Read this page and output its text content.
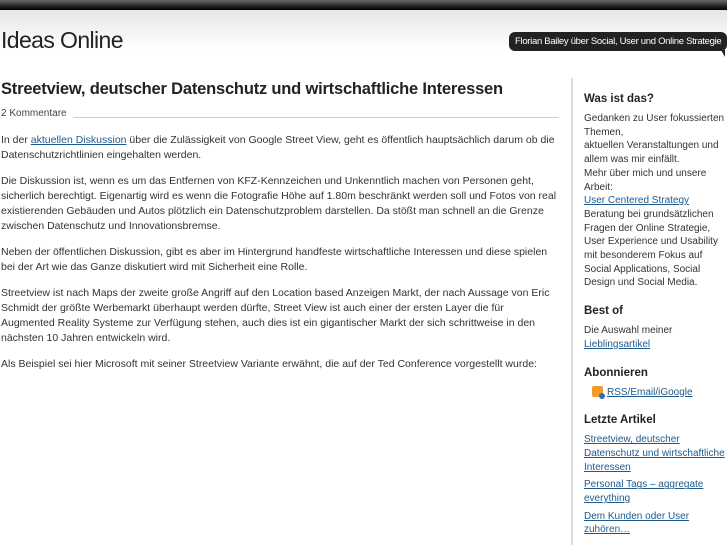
Ideas Online	Florian Bailey über Social, User und Online Strategie
Streetview, deutscher Datenschutz und wirtschaftliche Interessen
2 Kommentare

In der aktuellen Diskussion über die Zulässigkeit von Google Street View, geht es öffentlich hauptsächlich darum ob die Datenschutzrichtlinien eingehalten werden.

Die Diskussion ist, wenn es um das Entfernen von KFZ-Kennzeichen und Unkenntlich machen von Personen geht, sicherlich berechtigt. Eigenartig wird es wenn die Fotografie Höhe auf 1.80m beschränkt werden soll und Fotos von real existierenden Gebäuden und Autos plötzlich ein Datenschutzproblem darstellen. Da stößt man schnell an die Grenze zwischen Datenschutz und Innovationsbremse.

Neben der öffentlichen Diskussion, gibt es aber im Hintergrund handfeste wirtschaftliche Interessen und diese spielen bei der Art wie das Ganze diskutiert wird mit Sicherheit eine Rolle.

Streetview ist nach Maps der zweite große Angriff auf den Location based Anzeigen Markt, der nach Aussage von Eric Schmidt der größte Werbemarkt überhaupt werden dürfte, Street View ist auch einer der ersten Layer die für Augmented Reality Systeme zur Verfügung stehen, auch dies ist ein gigantischer Markt der sich schrittweise in den nächsten 10 Jahren entwickeln wird.

Als Beispiel sei hier Microsoft mit seiner Streetview Variante erwähnt, die auf der Ted Conference vorgestellt wurde:

Was ist das?
Gedanken zu User fokussierten Themen,
aktuellen Veranstaltungen und allem was mir einfällt.
Mehr über mich und unsere Arbeit:
User Centered Strategy
Beratung bei grundsätzlichen Fragen der Online Strategie, User Experience und Usability mit besonderem Fokus auf Social Applications, Social Design und Social Media.
Best of
Die Auswahl meiner
Lieblingsartikel
Abonnieren
RSS/Email/iGoogle
Letzte Artikel
Streetview, deutscher Datenschutz und wirtschaftliche Interessen
Personal Tags – aggregate everything
Dem Kunden oder User zuhören…
